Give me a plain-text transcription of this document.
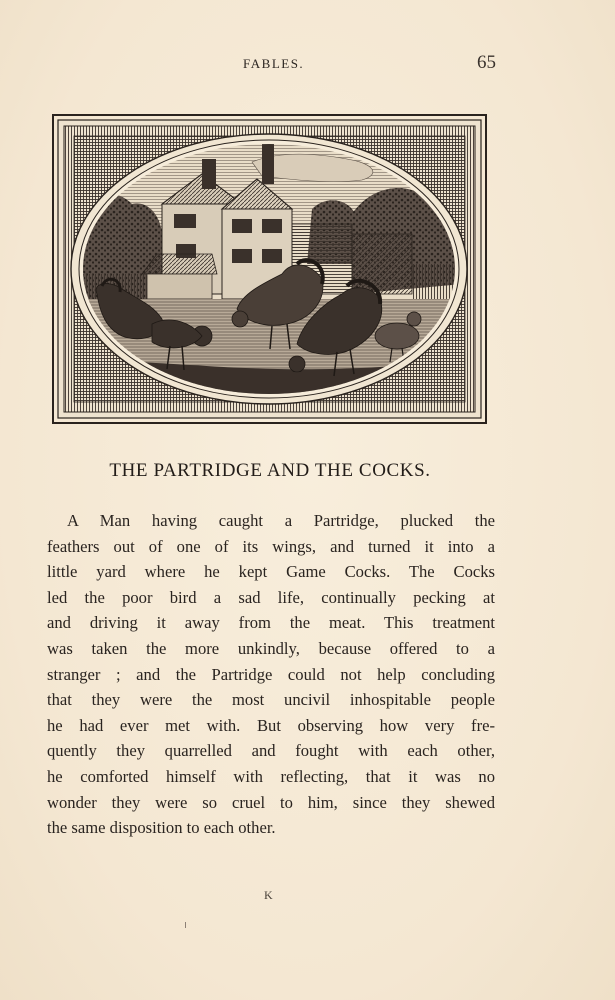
FABLES.	65
THE PARTRIDGE AND THE COCKS.
A Man having caught a Partridge, plucked the
feathers out of one of its wings, and turned it into a
little yard where he kept Game Cocks. The Cocks
led the poor bird a sad life, continually pecking at
and driving it away from the meat. This treatment
was taken the more unkindly, because offered to a
stranger ; and the Partridge could not help concluding
that they were the most uncivil inhospitable people
he had ever met with. But observing how very fre-
quently they quarrelled and fought with each other,
he comforted himself with reflecting, that it was no
wonder they were so cruel to him, since they shewed
the same disposition to each other.
K
